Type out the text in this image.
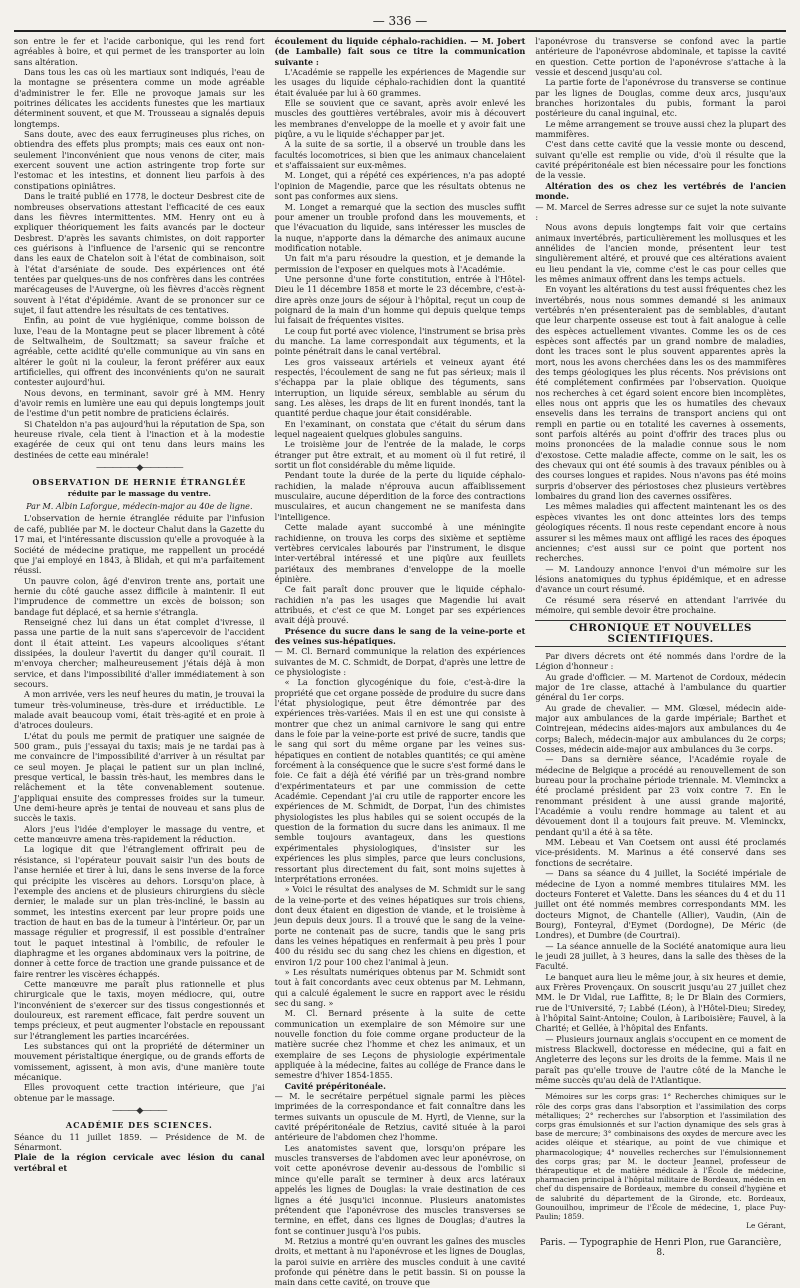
— 336 —

son entre le fer et l'acide carbonique, qui les rend fort agréables à boire, et qui permet de les transporter au loin sans altération.

Dans tous les cas où les martiaux sont indiqués, l'eau de la montagne se présentera comme un mode agréable d'administrer le fer. Elle ne provoque jamais sur les poitrines délicates les accidents funestes que les martiaux déterminent souvent, et que M. Trousseau a signalés depuis longtemps.

Sans doute, avec des eaux ferrugineuses plus riches, on obtiendra des effets plus prompts; mais ces eaux ont non-seulement l'inconvénient que nous venons de citer, mais exercent souvent une action astringente trop forte sur l'estomac et les intestins, et donnent lieu parfois à des constipations opiniâtres.

Dans le traité publié en 1778, le docteur Desbrest cite de nombreuses observations attestant l'efficacité de ces eaux dans les fièvres intermittentes. MM. Henry ont eu à expliquer théoriquement les faits avancés par le docteur Desbrest. D'après les savants chimistes, on doit rapporter ces guérisons à l'influence de l'arsenic qui se rencontre dans les eaux de Chatelon soit à l'état de combinaison, soit à l'état d'arséniate de soude. Des expériences ont été tentées par quelques-uns de nos confrères dans les contrées marécageuses de l'Auvergne, où les fièvres d'accès règnent souvent à l'état d'épidémie. Avant de se prononcer sur ce sujet, il faut attendre les résultats de ces tentatives.

Enfin, au point de vue hygiénique, comme boisson de luxe, l'eau de la Montagne peut se placer librement à côté de Seltwalheim, de Soultzmatt; sa saveur fraîche et agréable, cette acidité qu'elle communique au vin sans en altérer le goût ni la couleur, la feront préférer aux eaux artificielles, qui offrent des inconvénients qu'on ne saurait contester aujourd'hui.

Nous devons, en terminant, savoir gré à MM. Henry d'avoir remis en lumière une eau qui depuis longtemps jouit de l'estime d'un petit nombre de praticiens éclairés.

Si Chateldon n'a pas aujourd'hui la réputation de Spa, son heureuse rivale, cela tient à l'inaction et à la modestie exagérée de ceux qui ont tenu dans leurs mains les destinées de cette eau minérale!

―――――◆―――――
OBSERVATION DE HERNIE ÉTRANGLÉE
réduite par le massage du ventre.
Par M. Albin Laforgue, médecin-major au 40e de ligne.

L'observation de hernie étranglée réduite par l'infusion de café, publiée par M. le docteur Chalut dans la Gazette du 17 mai, et l'intéressante discussion qu'elle a provoquée à la Société de médecine pratique, me rappellent un procédé que j'ai employé en 1843, à Blidah, et qui m'a parfaitement réussi.

Un pauvre colon, âgé d'environ trente ans, portait une hernie du côté gauche assez difficile à maintenir. Il eut l'imprudence de commettre un excès de boisson; son bandage fut déplacé, et sa hernie s'étrangla.

Renseigné chez lui dans un état complet d'ivresse, il passa une partie de la nuit sans s'apercevoir de l'accident dont il était atteint. Les vapeurs alcooliques s'étant dissipées, la douleur l'avertit du danger qu'il courait. Il m'envoya chercher; malheureusement j'étais déjà à mon service, et dans l'impossibilité d'aller immédiatement à son secours.

A mon arrivée, vers les neuf heures du matin, je trouvai la tumeur très-volumineuse, très-dure et irréductible. Le malade avait beaucoup vomi, était très-agité et en proie à d'atroces douleurs.

L'état du pouls me permit de pratiquer une saignée de 500 gram., puis j'essayai du taxis; mais je ne tardai pas à me convaincre de l'impossibilité d'arriver à un résultat par ce seul moyen. Je plaçai le patient sur un plan incliné, presque vertical, le bassin très-haut, les membres dans le relâchement et la tête convenablement soutenue. J'appliquai ensuite des compresses froides sur la tumeur. Une demi-heure après je tentai de nouveau et sans plus de succès le taxis.

Alors j'eus l'idée d'employer le massage du ventre, et cette manœuvre amena très-rapidement la réduction.

La logique dit que l'étranglement offrirait peu de résistance, si l'opérateur pouvait saisir l'un des bouts de l'anse herniée et tirer à lui, dans le sens inverse de la force qui précipite les viscères au dehors. Lorsqu'on place, à l'exemple des anciens et de plusieurs chirurgiens du siècle dernier, le malade sur un plan très-incliné, le bassin au sommet, les intestins exercent par leur propre poids une traction de haut en bas de la tumeur à l'intérieur. Or, par un massage régulier et progressif, il est possible d'entraîner tout le paquet intestinal à l'ombilic, de refouler le diaphragme et les organes abdominaux vers la poitrine, de donner à cette force de traction une grande puissance et de faire rentrer les viscères échappés.

Cette manœuvre me paraît plus rationnelle et plus chirurgicale que le taxis, moyen médiocre, qui, outre l'inconvénient de s'exercer sur des tissus congestionnés et douloureux, est rarement efficace, fait perdre souvent un temps précieux, et peut augmenter l'obstacle en repoussant sur l'étranglement les parties incarcérées.

Les substances qui ont la propriété de déterminer un mouvement péristaltique énergique, ou de grands efforts de vomissement, agissent, à mon avis, d'une manière toute mécanique.

Elles provoquent cette traction intérieure, que j'ai obtenue par le massage.

―――◆―――
ACADÉMIE DES SCIENCES.

Séance du 11 juillet 1859. — Présidence de M. de Sénarmont.

Plaie de la région cervicale avec lésion du canal vertébral et

écoulement du liquide céphalo-rachidien. — M. Jobert (de Lamballe) fait sous ce titre la communication suivante :

L'Académie se rappelle les expériences de Magendie sur les usages du liquide céphalo-rachidien dont la quantité était évaluée par lui à 60 grammes.

Elle se souvient que ce savant, après avoir enlevé les muscles des gouttières vertébrales, avoir mis à découvert les membranes d'enveloppe de la moelle et y avoir fait une piqûre, a vu le liquide s'échapper par jet.

A la suite de sa sortie, il a observé un trouble dans les facultés locomotrices, si bien que les animaux chancelaient et s'affaissaient sur eux-mêmes.

M. Longet, qui a répété ces expériences, n'a pas adopté l'opinion de Magendie, parce que les résultats obtenus ne sont pas conformes aux siens.

M. Longet a remarqué que la section des muscles suffit pour amener un trouble profond dans les mouvements, et que l'évacuation du liquide, sans intéresser les muscles de la nuque, n'apporte dans la démarche des animaux aucune modification notable.

Un fait m'a paru résoudre la question, et je demande la permission de l'exposer en quelques mots à l'Académie.

Une personne d'une forte constitution, entrée à l'Hôtel-Dieu le 11 décembre 1858 et morte le 23 décembre, c'est-à-dire après onze jours de séjour à l'hôpital, reçut un coup de poignard de la main d'un homme qui depuis quelque temps lui faisait de fréquentes visites.

Le coup fut porté avec violence, l'instrument se brisa près du manche. La lame correspondait aux téguments, et la pointe pénétrait dans le canal vertébral.

Les gros vaisseaux artériels et veineux ayant été respectés, l'écoulement de sang ne fut pas sérieux; mais il s'échappa par la plaie oblique des téguments, sans interruption, un liquide séreux, semblable au sérum du sang. Les alèses, les draps de lit en furent inondés, tant la quantité perdue chaque jour était considérable.

En l'examinant, on constata que c'était du sérum dans lequel nageaient quelques globules sanguins.

Le troisième jour de l'entrée de la malade, le corps étranger put être extrait, et au moment où il fut retiré, il sortit un flot considérable du même liquide.

Pendant toute la durée de la perte du liquide céphalo-rachidien, la malade n'éprouva aucun affaiblissement musculaire, aucune déperdition de la force des contractions musculaires, et aucun changement ne se manifesta dans l'intelligence.

Cette malade ayant succombé à une méningite rachidienne, on trouva les corps des sixième et septième vertèbres cervicales labourés par l'instrument, le disque inter-vertébral intéressé et une piqûre aux feuillets pariétaux des membranes d'enveloppe de la moelle épinière.

Ce fait paraît donc prouver que le liquide céphalo-rachidien n'a pas les usages que Magendie lui avait attribués, et c'est ce que M. Longet par ses expériences avait déjà prouvé.

Présence du sucre dans le sang de la veine-porte et des veines sus-hépatiques.

— M. Cl. Bernard communique la relation des expériences suivantes de M. C. Schmidt, de Dorpat, d'après une lettre de ce physiologiste :

« La fonction glycogénique du foie, c'est-à-dire la propriété que cet organe possède de produire du sucre dans l'état physiologique, peut être démontrée par des expériences très-variées. Mais il en est une qui consiste à montrer que chez un animal carnivore le sang qui entre dans le foie par la veine-porte est privé de sucre, tandis que le sang qui sort du même organe par les veines sus-hépatiques en contient de notables quantités; ce qui amène forcément à la conséquence que le sucre s'est formé dans le foie. Ce fait a déjà été vérifié par un très-grand nombre d'expérimentateurs et par une commission de cette Académie. Cependant j'ai cru utile de rapporter encore les expériences de M. Schmidt, de Dorpat, l'un des chimistes physiologistes les plus habiles qui se soient occupés de la question de la formation du sucre dans les animaux. Il me semble toujours avantageux, dans les questions expérimentales physiologiques, d'insister sur les expériences les plus simples, parce que leurs conclusions, ressortant plus directement du fait, sont moins sujettes à interprétations erronées.

» Voici le résultat des analyses de M. Schmidt sur le sang de la veine-porte et des veines hépatiques sur trois chiens, dont deux étaient en digestion de viande, et le troisième à jeun depuis deux jours. Il a trouvé que le sang de la veine-porte ne contenait pas de sucre, tandis que le sang pris dans les veines hépatiques en renfermait à peu près 1 pour 400 du résidu sec du sang chez les chiens en digestion, et environ 1/2 pour 100 chez l'animal à jeun.

» Les résultats numériques obtenus par M. Schmidt sont tout à fait concordants avec ceux obtenus par M. Lehmann, qui a calculé également le sucre en rapport avec le résidu sec du sang. »

M. Cl. Bernard présente à la suite de cette communication un exemplaire de son Mémoire sur une nouvelle fonction du foie comme organe producteur de la matière sucrée chez l'homme et chez les animaux, et un exemplaire de ses Leçons de physiologie expérimentale appliquée à la médecine, faites au collége de France dans le semestre d'hiver 1854-1855.

Cavité prépéritonéale.

— M. le secrétaire perpétuel signale parmi les pièces imprimées de la correspondance et fait connaître dans les termes suivants un opuscule de M. Hyrtl, de Vienne, sur la cavité prépéritonéale de Retzius, cavité située à la paroi antérieure de l'abdomen chez l'homme.

Les anatomistes savent que, lorsqu'on prépare les muscles transverses de l'abdomen avec leur aponévrose, on voit cette aponévrose devenir au-dessous de l'ombilic si mince qu'elle paraît se terminer à deux arcs latéraux appelés les lignes de Douglas: la vraie destination de ces lignes a été jusqu'ici inconnue. Plusieurs anatomistes prétendent que l'aponévrose des muscles transverses se termine, en effet, dans ces lignes de Douglas; d'autres la font se continuer jusqu'à l'os pubis.

M. Retzius a montré qu'en ouvrant les gaînes des muscles droits, et mettant à nu l'aponévrose et les lignes de Douglas, la paroi suivie en arrière des muscles conduit à une cavité profonde qui pénètre dans le petit bassin. Si on pousse la main dans cette cavité, on trouve que

l'aponévrose du transverse se confond avec la partie antérieure de l'aponévrose abdominale, et tapisse la cavité en question. Cette portion de l'aponévrose s'attache à la vessie et descend jusqu'au col.

La partie forte de l'aponévrose du transverse se continue par les lignes de Douglas, comme deux arcs, jusqu'aux branches horizontales du pubis, formant la paroi postérieure du canal inguinal, etc.

Le même arrangement se trouve aussi chez la plupart des mammifères.

C'est dans cette cavité que la vessie monte ou descend, suivant qu'elle est remplie ou vide, d'où il résulte que la cavité prépéritonéale est bien nécessaire pour les fonctions de la vessie.

Altération des os chez les vertébrés de l'ancien monde.

— M. Marcel de Serres adresse sur ce sujet la note suivante :

Nous avons depuis longtemps fait voir que certains animaux invertébrés, particulièrement les mollusques et les annélides de l'ancien monde, présentent leur test singulièrement altéré, et prouvé que ces altérations avaient eu lieu pendant la vie, comme c'est le cas pour celles que les mêmes animaux offrent dans les temps actuels.

En voyant les altérations du test aussi fréquentes chez les invertébrés, nous nous sommes demandé si les animaux vertébrés n'en présenteraient pas de semblables, d'autant que leur charpente osseuse est tout à fait analogue à celle des espèces actuellement vivantes. Comme les os de ces espèces sont affectés par un grand nombre de maladies, dont les traces sont le plus souvent apparentes après la mort, nous les avons cherchées dans les os des mammifères des temps géologiques les plus récents. Nos prévisions ont été complétement confirmées par l'observation. Quoique nos recherches à cet égard soient encore bien incomplètes, elles nous ont appris que les os humatiles des chevaux ensevelis dans les terrains de transport anciens qui ont rempli en partie ou en totalité les cavernes à ossements, sont parfois altérés au point d'offrir des traces plus ou moins prononcées de la maladie connue sous le nom d'exostose. Cette maladie affecte, comme on le sait, les os des chevaux qui ont été soumis à des travaux pénibles ou à des courses longues et rapides. Nous n'avons pas été moins surpris d'observer des périostoses chez plusieurs vertèbres lombaires du grand lion des cavernes ossifères.

Les mêmes maladies qui affectent maintenant les os des espèces vivantes les ont donc atteintes lors des temps géologiques récents. Il nous reste cependant encore à nous assurer si les mêmes maux ont affligé les races des époques anciennes; c'est aussi sur ce point que portent nos recherches.

— M. Landouzy annonce l'envoi d'un mémoire sur les lésions anatomiques du typhus épidémique, et en adresse d'avance un court résumé.

Ce résumé sera réservé en attendant l'arrivée du mémoire, qui semble devoir être prochaine.

CHRONIQUE ET NOUVELLES SCIENTIFIQUES.

Par divers décrets ont été nommés dans l'ordre de la Légion d'honneur :

Au grade d'officier. — M. Martenot de Cordoux, médecin major de 1re classe, attaché à l'ambulance du quartier général du 1er corps.

Au grade de chevalier. — MM. Glœsel, médecin aide-major aux ambulances de la garde impériale; Barthet et Cointrejean, médecins aides-majors aux ambulances du 4e corps; Balech, médecin-major aux ambulances du 2e corps; Cosses, médecin aide-major aux ambulances du 3e corps.

— Dans sa dernière séance, l'Académie royale de médecine de Belgique a procédé au renouvellement de son bureau pour la prochaine période triennale. M. Vleminckx a été proclamé président par 23 voix contre 7. En le renommant président à une aussi grande majorité, l'Académie a voulu rendre hommage au talent et au dévouement dont il a toujours fait preuve. M. Vleminckx, pendant qu'il a été à sa tête.

MM. Lebeau et Van Coetsem ont aussi été proclamés vice-présidents. M. Marinus a été conservé dans ses fonctions de secrétaire.

— Dans sa séance du 4 juillet, la Société impériale de médecine de Lyon a nommé membres titulaires MM. les docteurs Fonteret et Valette. Dans les séances du 4 et du 11 juillet ont été nommés membres correspondants MM. les docteurs Mignot, de Chantelle (Allier), Vaudin, (Ain de Bourg), Fonteyral, d'Eymet (Dordogne), De Méric (de Londres), et Dumbre (de Courtrai).

— La séance annuelle de la Société anatomique aura lieu le jeudi 28 juillet, à 3 heures, dans la salle des thèses de la Faculté.

Le banquet aura lieu le même jour, à six heures et demie, aux Frères Provençaux. On souscrit jusqu'au 27 juillet chez MM. le Dr Vidal, rue Laffitte, 8; le Dr Blain des Cormiers, rue de l'Université, 7; Labbé (Léon), à l'Hôtel-Dieu; Siredey, à l'hôpital Saint-Antoine; Coulon, à Lariboisière; Fauvel, à la Charité; et Gellée, à l'hôpital des Enfants.

— Plusieurs journaux anglais s'occupent en ce moment de mistress Blackwell, doctoresse en médecine, qui a fait en Angleterre des leçons sur les droits de la femme. Mais il ne paraît pas qu'elle trouve de l'autre côté de la Manche le même succès qu'au delà de l'Atlantique.

Mémoires sur les corps gras: 1° Recherches chimiques sur le rôle des corps gras dans l'absorption et l'assimilation des corps métalliques; 2° recherches sur l'absorption et l'assimilation des corps gras émulsionnés et sur l'action dynamique des sels gras à base de mercure; 3° combinaisons des oxydes de mercure avec les acides oléique et stéarique, au point de vue chimique et pharmacologique; 4° nouvelles recherches sur l'émulsionnement des corps gras; par M. le docteur Jeannel, professeur de thérapeutique et de matière médicale à l'École de médecine, pharmacien principal à l'hôpital militaire de Bordeaux, médecin en chef du dispensaire de Bordeaux, membre du conseil d'hygiène et de salubrité du département de la Gironde, etc. Bordeaux, Gounouilhou, imprimeur de l'École de médecine, 1, place Puy-Paulin; 1859.

Le Gérant,
Paris. — Typographie de Henri Plon, rue Garancière, 8.
